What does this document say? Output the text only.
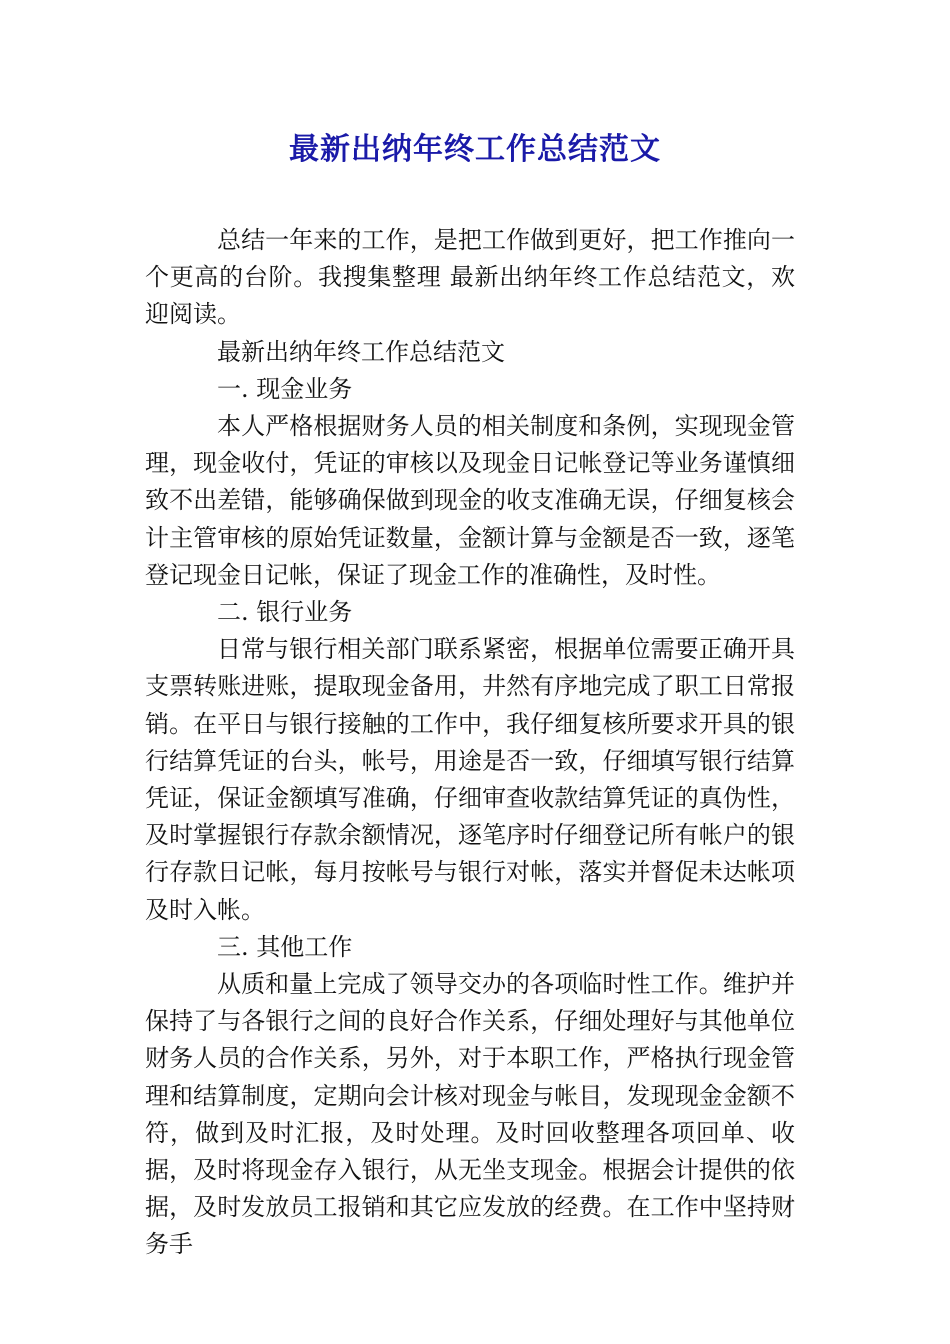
最新出纳年终工作总结范文

总结一年来的工作，是把工作做到更好，把工作推向一个更高的台阶。我搜集整理 最新出纳年终工作总结范文，欢迎阅读。

最新出纳年终工作总结范文

一. 现金业务

本人严格根据财务人员的相关制度和条例，实现现金管理，现金收付，凭证的审核以及现金日记帐登记等业务谨慎细致不出差错，能够确保做到现金的收支准确无误，仔细复核会计主管审核的原始凭证数量，金额计算与金额是否一致，逐笔登记现金日记帐，保证了现金工作的准确性，及时性。

二. 银行业务

日常与银行相关部门联系紧密，根据单位需要正确开具支票转账进账，提取现金备用，井然有序地完成了职工日常报销。在平日与银行接触的工作中，我仔细复核所要求开具的银行结算凭证的台头，帐号，用途是否一致，仔细填写银行结算凭证，保证金额填写准确，仔细审查收款结算凭证的真伪性，及时掌握银行存款余额情况，逐笔序时仔细登记所有帐户的银行存款日记帐，每月按帐号与银行对帐，落实并督促未达帐项及时入帐。

三. 其他工作

从质和量上完成了领导交办的各项临时性工作。维护并保持了与各银行之间的良好合作关系，仔细处理好与其他单位财务人员的合作关系，另外，对于本职工作，严格执行现金管理和结算制度，定期向会计核对现金与帐目，发现现金金额不符，做到及时汇报，及时处理。及时回收整理各项回单、收据，及时将现金存入银行，从无坐支现金。根据会计提供的依据，及时发放员工报销和其它应发放的经费。在工作中坚持财务手
